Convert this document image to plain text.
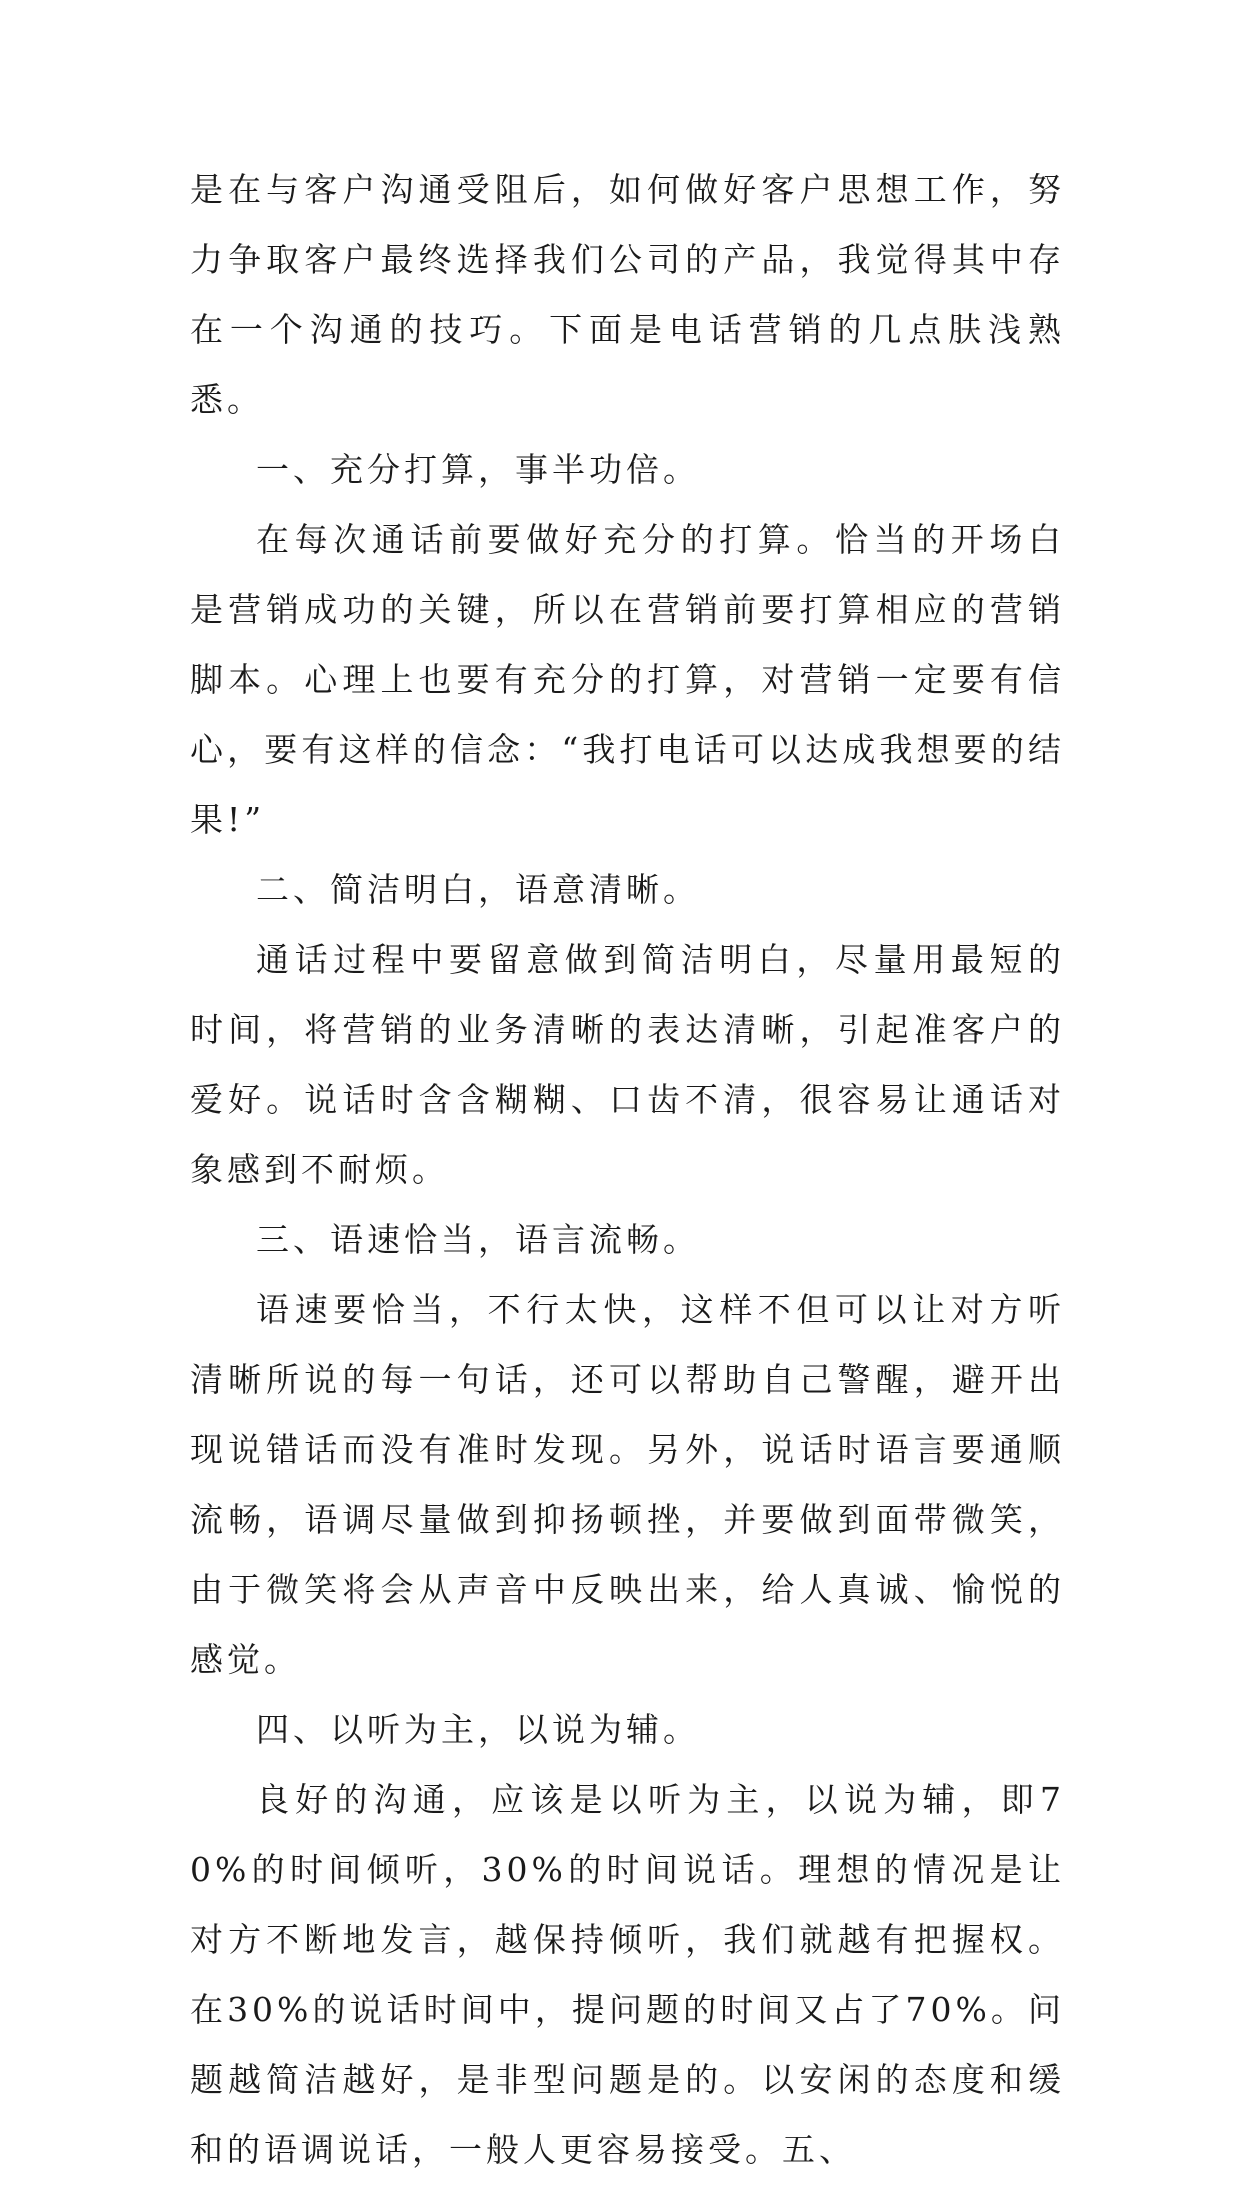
是在与客户沟通受阻后，如何做好客户思想工作，努力争取客户最终选择我们公司的产品，我觉得其中存在一个沟通的技巧。下面是电话营销的几点肤浅熟悉。

一、充分打算，事半功倍。

在每次通话前要做好充分的打算。恰当的开场白是营销成功的关键，所以在营销前要打算相应的营销脚本。心理上也要有充分的打算，对营销一定要有信心，要有这样的信念：“我打电话可以达成我想要的结果!”

二、简洁明白，语意清晰。

通话过程中要留意做到简洁明白，尽量用最短的时间，将营销的业务清晰的表达清晰，引起准客户的爱好。说话时含含糊糊、口齿不清，很容易让通话对象感到不耐烦。

三、语速恰当，语言流畅。

语速要恰当，不行太快，这样不但可以让对方听清晰所说的每一句话，还可以帮助自己警醒，避开出现说错话而没有准时发现。另外，说话时语言要通顺流畅，语调尽量做到抑扬顿挫，并要做到面带微笑，由于微笑将会从声音中反映出来，给人真诚、愉悦的感觉。

四、以听为主，以说为辅。

良好的沟通，应该是以听为主，以说为辅，即70%的时间倾听，30%的时间说话。理想的情况是让对方不断地发言，越保持倾听，我们就越有把握权。在30%的说话时间中，提问题的时间又占了70%。问题越简洁越好，是非型问题是的。以安闲的态度和缓和的语调说话，一般人更容易接受。五、
